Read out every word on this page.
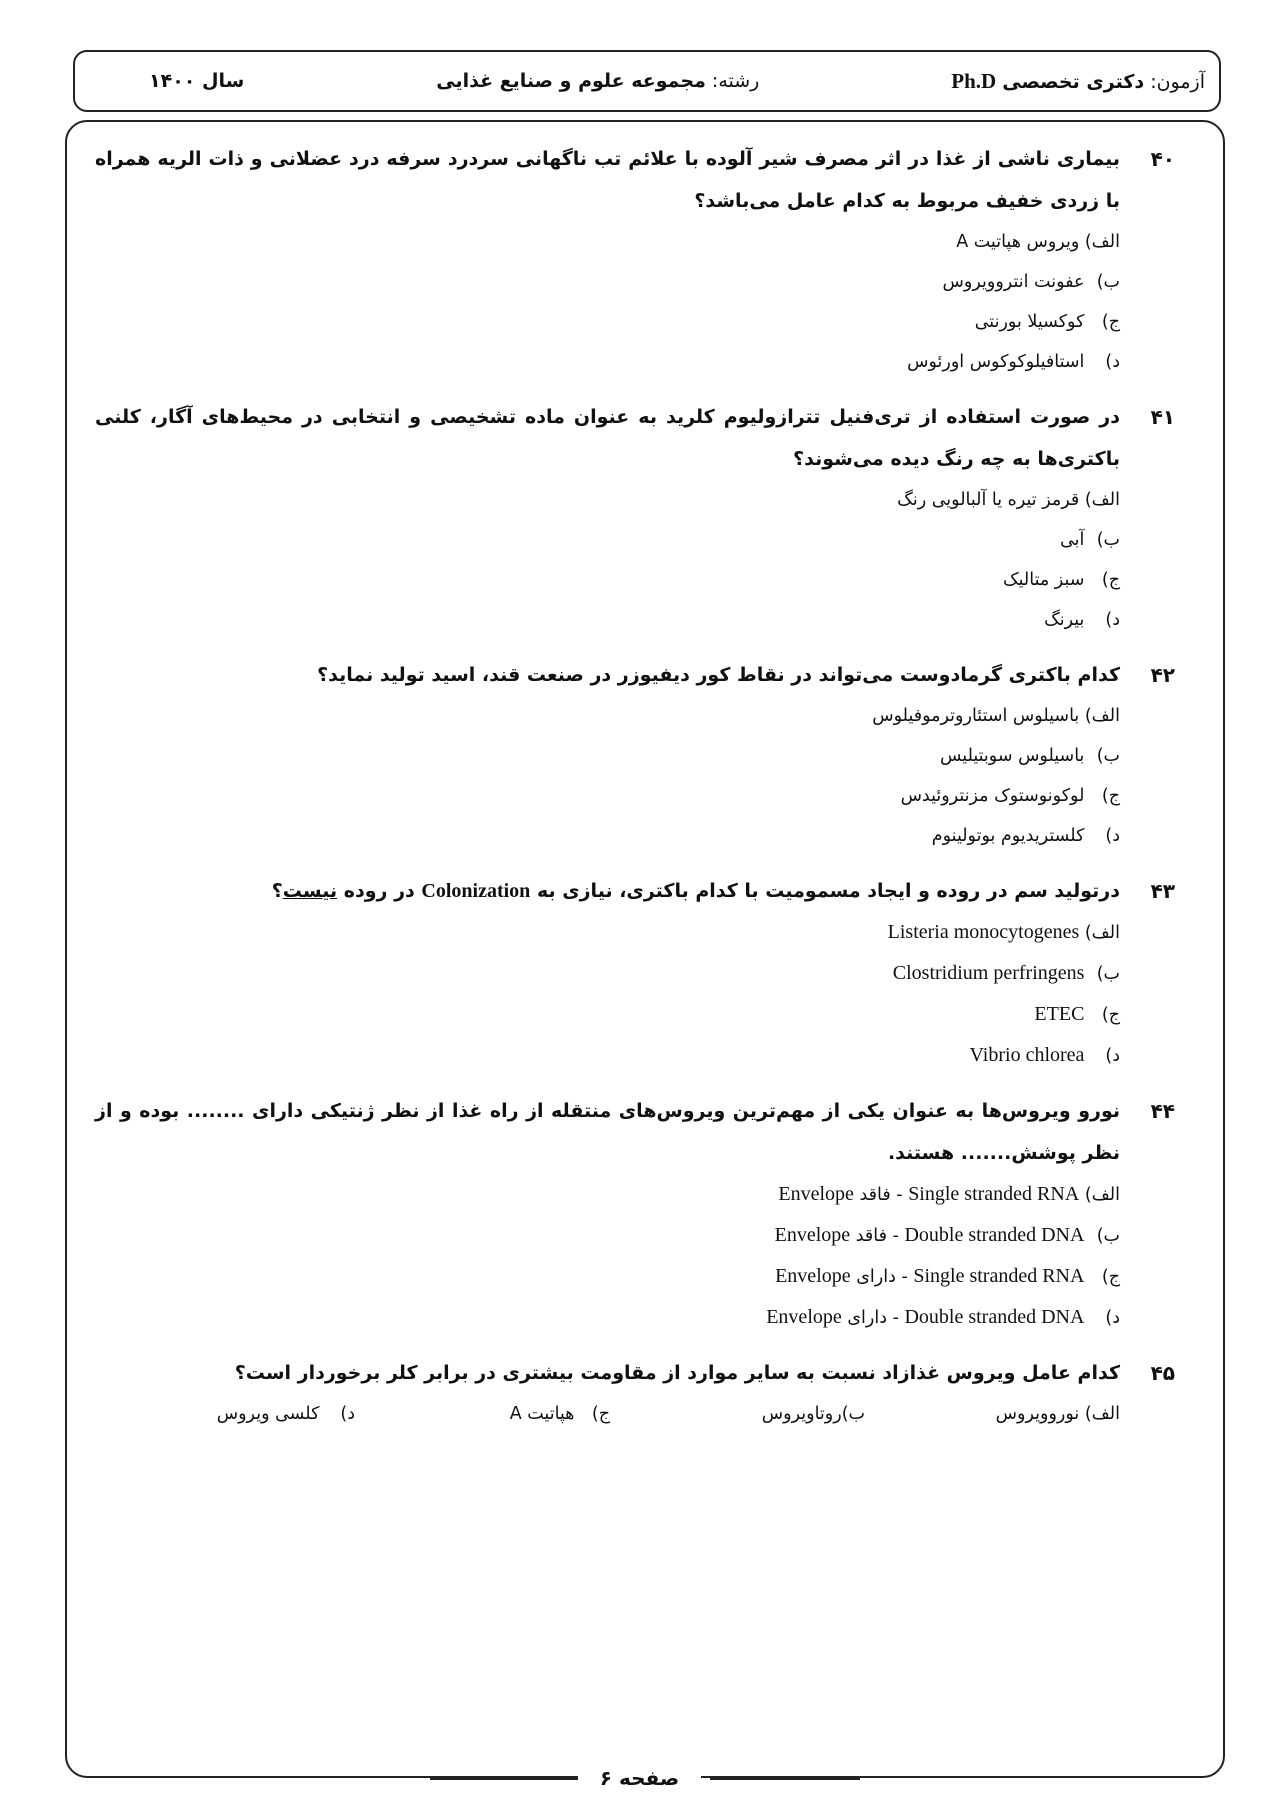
آزمون: دکتری تخصصی Ph.D
رشته: مجموعه علوم و صنایع غذایی
سال ۱۴۰۰
۴۰
بیماری ناشی از غذا در اثر مصرف شیر آلوده با علائم تب ناگهانی سردرد سرفه درد عضلانی و ذات الریه همراه با زردی خفیف مربوط به کدام عامل می‌باشد؟
الف) ویروس هپاتیت A
ب) عفونت انتروویروس
ج) کوکسیلا بورنتی
د) استافیلوکوکوس اورئوس
۴۱
در صورت استفاده از تری‌فنیل تترازولیوم کلرید به عنوان ماده تشخیصی و انتخابی در محیط‌های آگار، کلنی باکتری‌ها به چه رنگ دیده می‌شوند؟
الف) قرمز تیره یا آلبالویی رنگ
ب) آبی
ج) سبز متالیک
د) بیرنگ
۴۲
کدام باکتری گرمادوست می‌تواند در نقاط کور دیفیوزر در صنعت قند، اسید تولید نماید؟
الف) باسیلوس استئاروترموفیلوس
ب) باسیلوس سوبتیلیس
ج) لوکونوستوک مزنتروئیدس
د) کلستریدیوم بوتولینوم
۴۳
درتولید سم در روده و ایجاد مسمومیت با کدام باکتری، نیازی به Colonization در روده نیست؟
الف) Listeria monocytogenes
ب) Clostridium perfringens
ج) ETEC
د) Vibrio chlorea
۴۴
نورو ویروس‌ها به عنوان یکی از مهم‌ترین ویروس‌های منتقله از راه غذا از نظر ژنتیکی دارای ........ بوده و از نظر پوشش....... هستند.
الف) Single stranded RNA - فاقد Envelope
ب) Double stranded DNA - فاقد Envelope
ج) Single stranded RNA - دارای Envelope
د) Double stranded DNA - دارای Envelope
۴۵
کدام عامل ویروس غذازاد نسبت به سایر موارد از مقاومت بیشتری در برابر کلر برخوردار است؟
الف) نوروویروس
ب)روتاویروس
ج) هپاتیت A
د) کلسی ویروس
صفحه ۶
